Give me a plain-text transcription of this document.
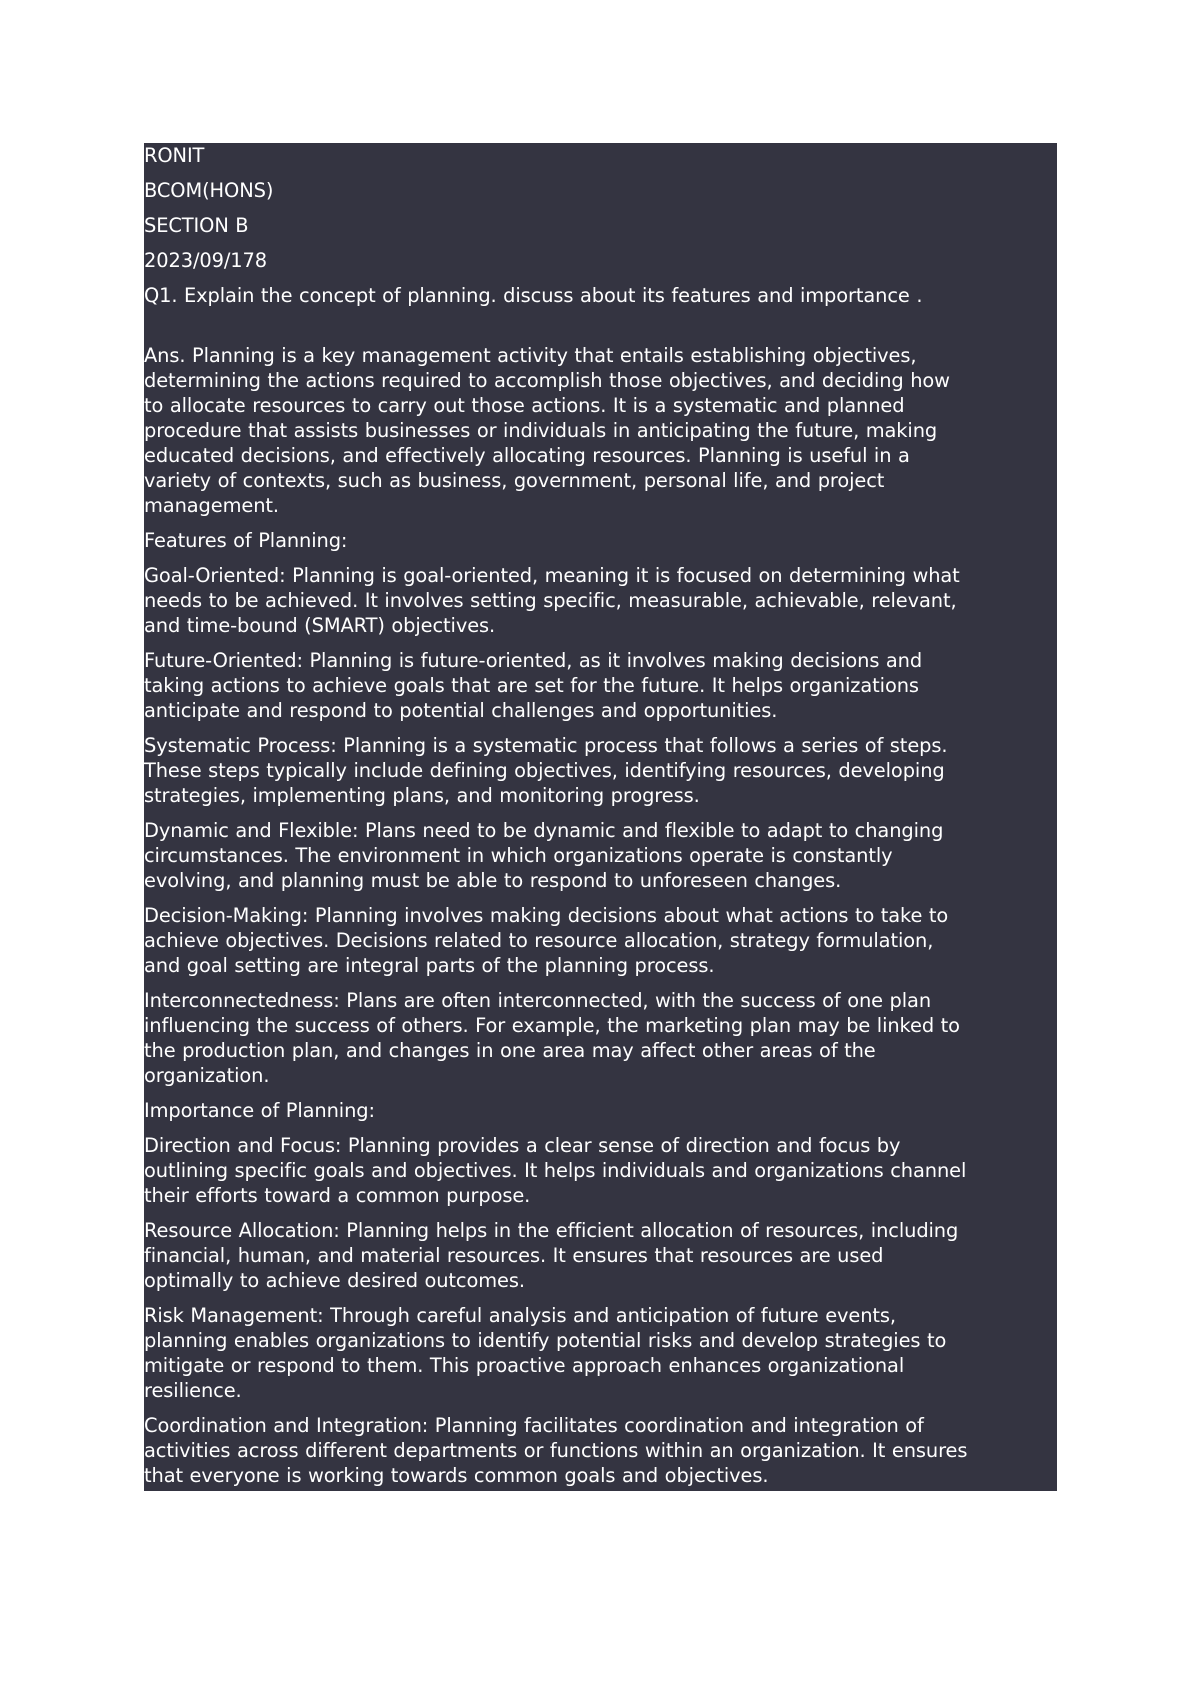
RONIT
BCOM(HONS)
SECTION B
2023/09/178
Q1. Explain the concept of planning. discuss about its features and importance .
Ans. Planning is a key management activity that entails establishing objectives,
determining the actions required to accomplish those objectives, and deciding how
to allocate resources to carry out those actions. It is a systematic and planned
procedure that assists businesses or individuals in anticipating the future, making
educated decisions, and effectively allocating resources. Planning is useful in a
variety of contexts, such as business, government, personal life, and project
management.
Features of Planning:
Goal-Oriented: Planning is goal-oriented, meaning it is focused on determining what
needs to be achieved. It involves setting specific, measurable, achievable, relevant,
and time-bound (SMART) objectives.
Future-Oriented: Planning is future-oriented, as it involves making decisions and
taking actions to achieve goals that are set for the future. It helps organizations
anticipate and respond to potential challenges and opportunities.
Systematic Process: Planning is a systematic process that follows a series of steps.
These steps typically include defining objectives, identifying resources, developing
strategies, implementing plans, and monitoring progress.
Dynamic and Flexible: Plans need to be dynamic and flexible to adapt to changing
circumstances. The environment in which organizations operate is constantly
evolving, and planning must be able to respond to unforeseen changes.
Decision-Making: Planning involves making decisions about what actions to take to
achieve objectives. Decisions related to resource allocation, strategy formulation,
and goal setting are integral parts of the planning process.
Interconnectedness: Plans are often interconnected, with the success of one plan
influencing the success of others. For example, the marketing plan may be linked to
the production plan, and changes in one area may affect other areas of the
organization.
Importance of Planning:
Direction and Focus: Planning provides a clear sense of direction and focus by
outlining specific goals and objectives. It helps individuals and organizations channel
their efforts toward a common purpose.
Resource Allocation: Planning helps in the efficient allocation of resources, including
financial, human, and material resources. It ensures that resources are used
optimally to achieve desired outcomes.
Risk Management: Through careful analysis and anticipation of future events,
planning enables organizations to identify potential risks and develop strategies to
mitigate or respond to them. This proactive approach enhances organizational
resilience.
Coordination and Integration: Planning facilitates coordination and integration of
activities across different departments or functions within an organization. It ensures
that everyone is working towards common goals and objectives.
